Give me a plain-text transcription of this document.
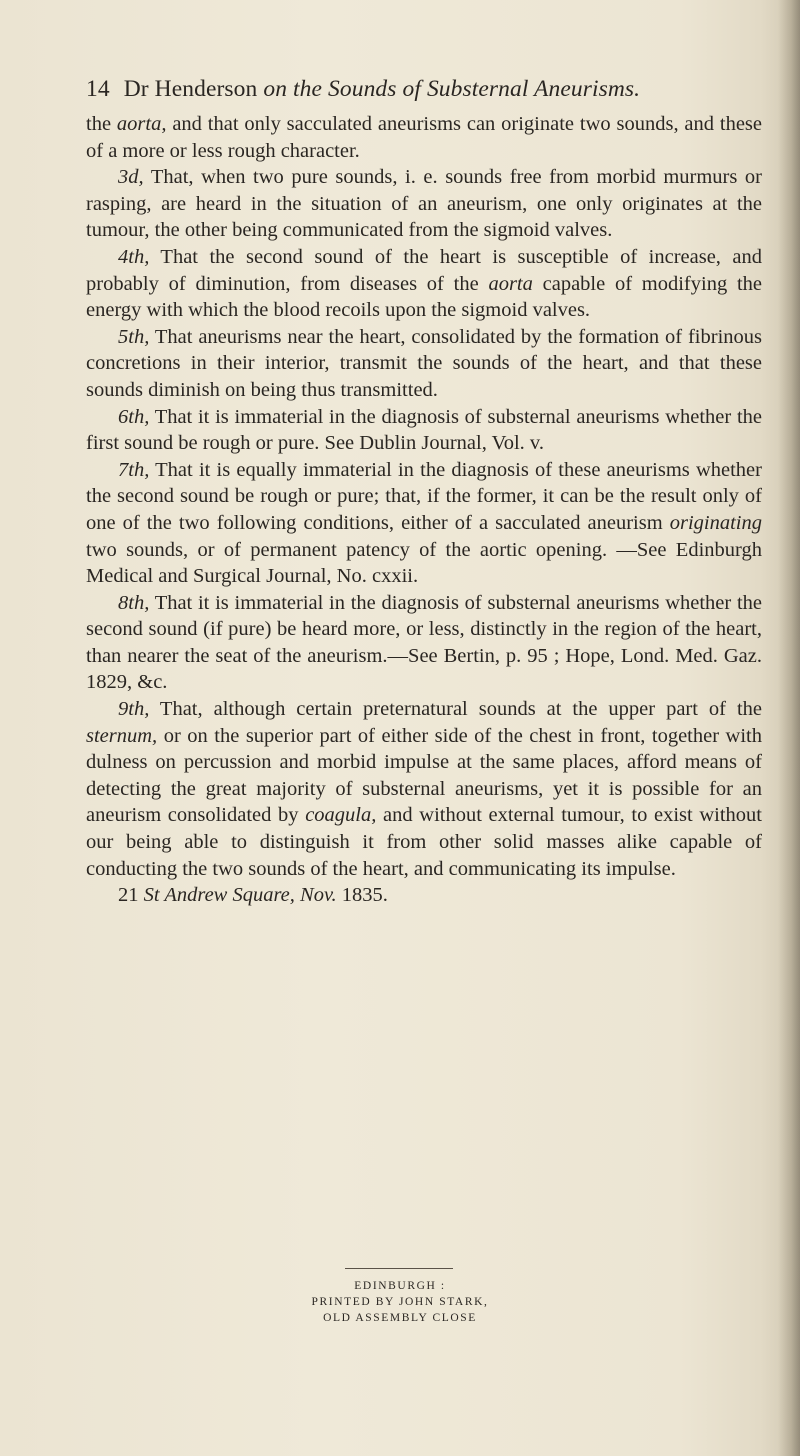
14 Dr Henderson on the Sounds of Substernal Aneurisms.

the aorta, and that only sacculated aneurisms can originate two sounds, and these of a more or less rough character.

3d, That, when two pure sounds, i. e. sounds free from morbid murmurs or rasping, are heard in the situation of an aneurism, one only originates at the tumour, the other being communicated from the sigmoid valves.

4th, That the second sound of the heart is susceptible of increase, and probably of diminution, from diseases of the aorta capable of modifying the energy with which the blood recoils upon the sigmoid valves.

5th, That aneurisms near the heart, consolidated by the formation of fibrinous concretions in their interior, transmit the sounds of the heart, and that these sounds diminish on being thus transmitted.

6th, That it is immaterial in the diagnosis of substernal aneurisms whether the first sound be rough or pure. See Dublin Journal, Vol. v.

7th, That it is equally immaterial in the diagnosis of these aneurisms whether the second sound be rough or pure; that, if the former, it can be the result only of one of the two following conditions, either of a sacculated aneurism originating two sounds, or of permanent patency of the aortic opening. —See Edinburgh Medical and Surgical Journal, No. cxxii.

8th, That it is immaterial in the diagnosis of substernal aneurisms whether the second sound (if pure) be heard more, or less, distinctly in the region of the heart, than nearer the seat of the aneurism.—See Bertin, p. 95 ; Hope, Lond. Med. Gaz. 1829, &c.

9th, That, although certain preternatural sounds at the upper part of the sternum, or on the superior part of either side of the chest in front, together with dulness on percussion and morbid impulse at the same places, afford means of detecting the great majority of substernal aneurisms, yet it is possible for an aneurism consolidated by coagula, and without external tumour, to exist without our being able to distinguish it from other solid masses alike capable of conducting the two sounds of the heart, and communicating its impulse.

21 St Andrew Square, Nov. 1835.

EDINBURGH :
PRINTED BY JOHN STARK,
OLD ASSEMBLY CLOSE
